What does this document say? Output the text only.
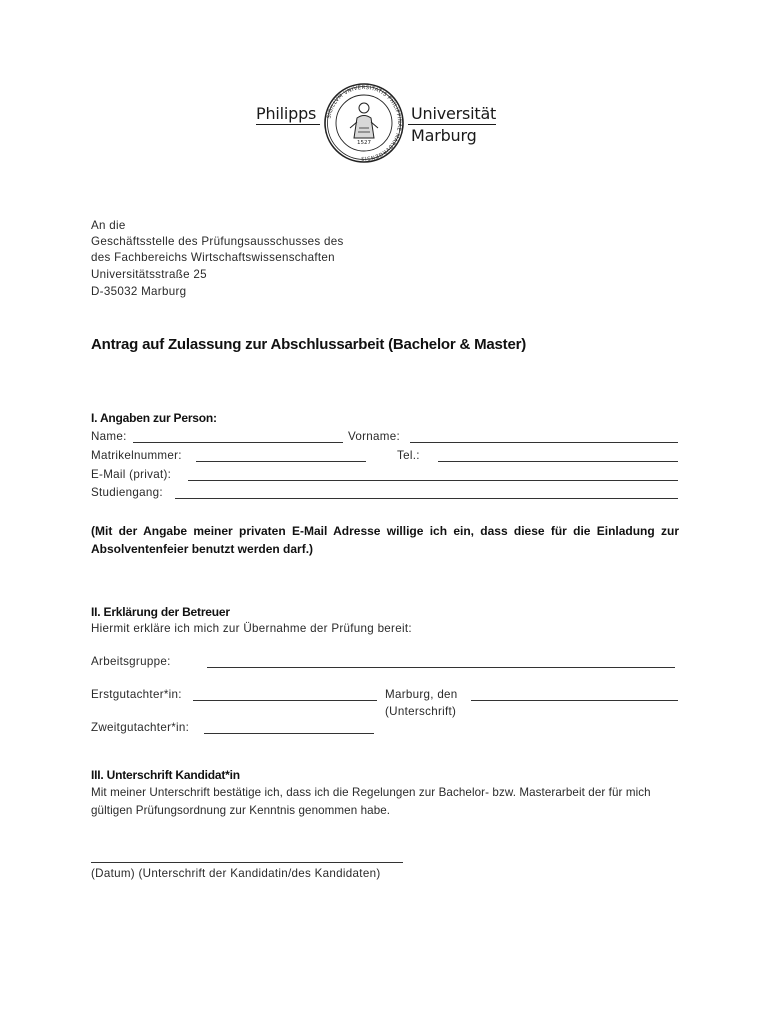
Philipps SIGILLVM VNIVERSITATIS PHILIPPINAE MARBVRGENSIS
1527
Universität
Marburg
An die
Geschäftsstelle des Prüfungsausschusses des
des Fachbereichs Wirtschaftswissenschaften
Universitätsstraße 25
D-35032 Marburg
Antrag auf Zulassung zur Abschlussarbeit (Bachelor & Master)
I. Angaben zur Person:
Name:	Vorname:
Matrikelnummer:	Tel.:
E-Mail (privat):
Studiengang:
(Mit der Angabe meiner privaten E-Mail Adresse willige ich ein, dass diese für die Einladung zur Absolventenfeier benutzt werden darf.)
II. Erklärung der Betreuer
Hiermit erkläre ich mich zur Übernahme der Prüfung bereit:
Arbeitsgruppe:
Erstgutachter*in:	Marburg, den
(Unterschrift)
Zweitgutachter*in:
III. Unterschrift Kandidat*in
Mit meiner Unterschrift bestätige ich, dass ich die Regelungen zur Bachelor- bzw. Masterarbeit der für mich gültigen Prüfungsordnung zur Kenntnis genommen habe.
(Datum) (Unterschrift der Kandidatin/des Kandidaten)
